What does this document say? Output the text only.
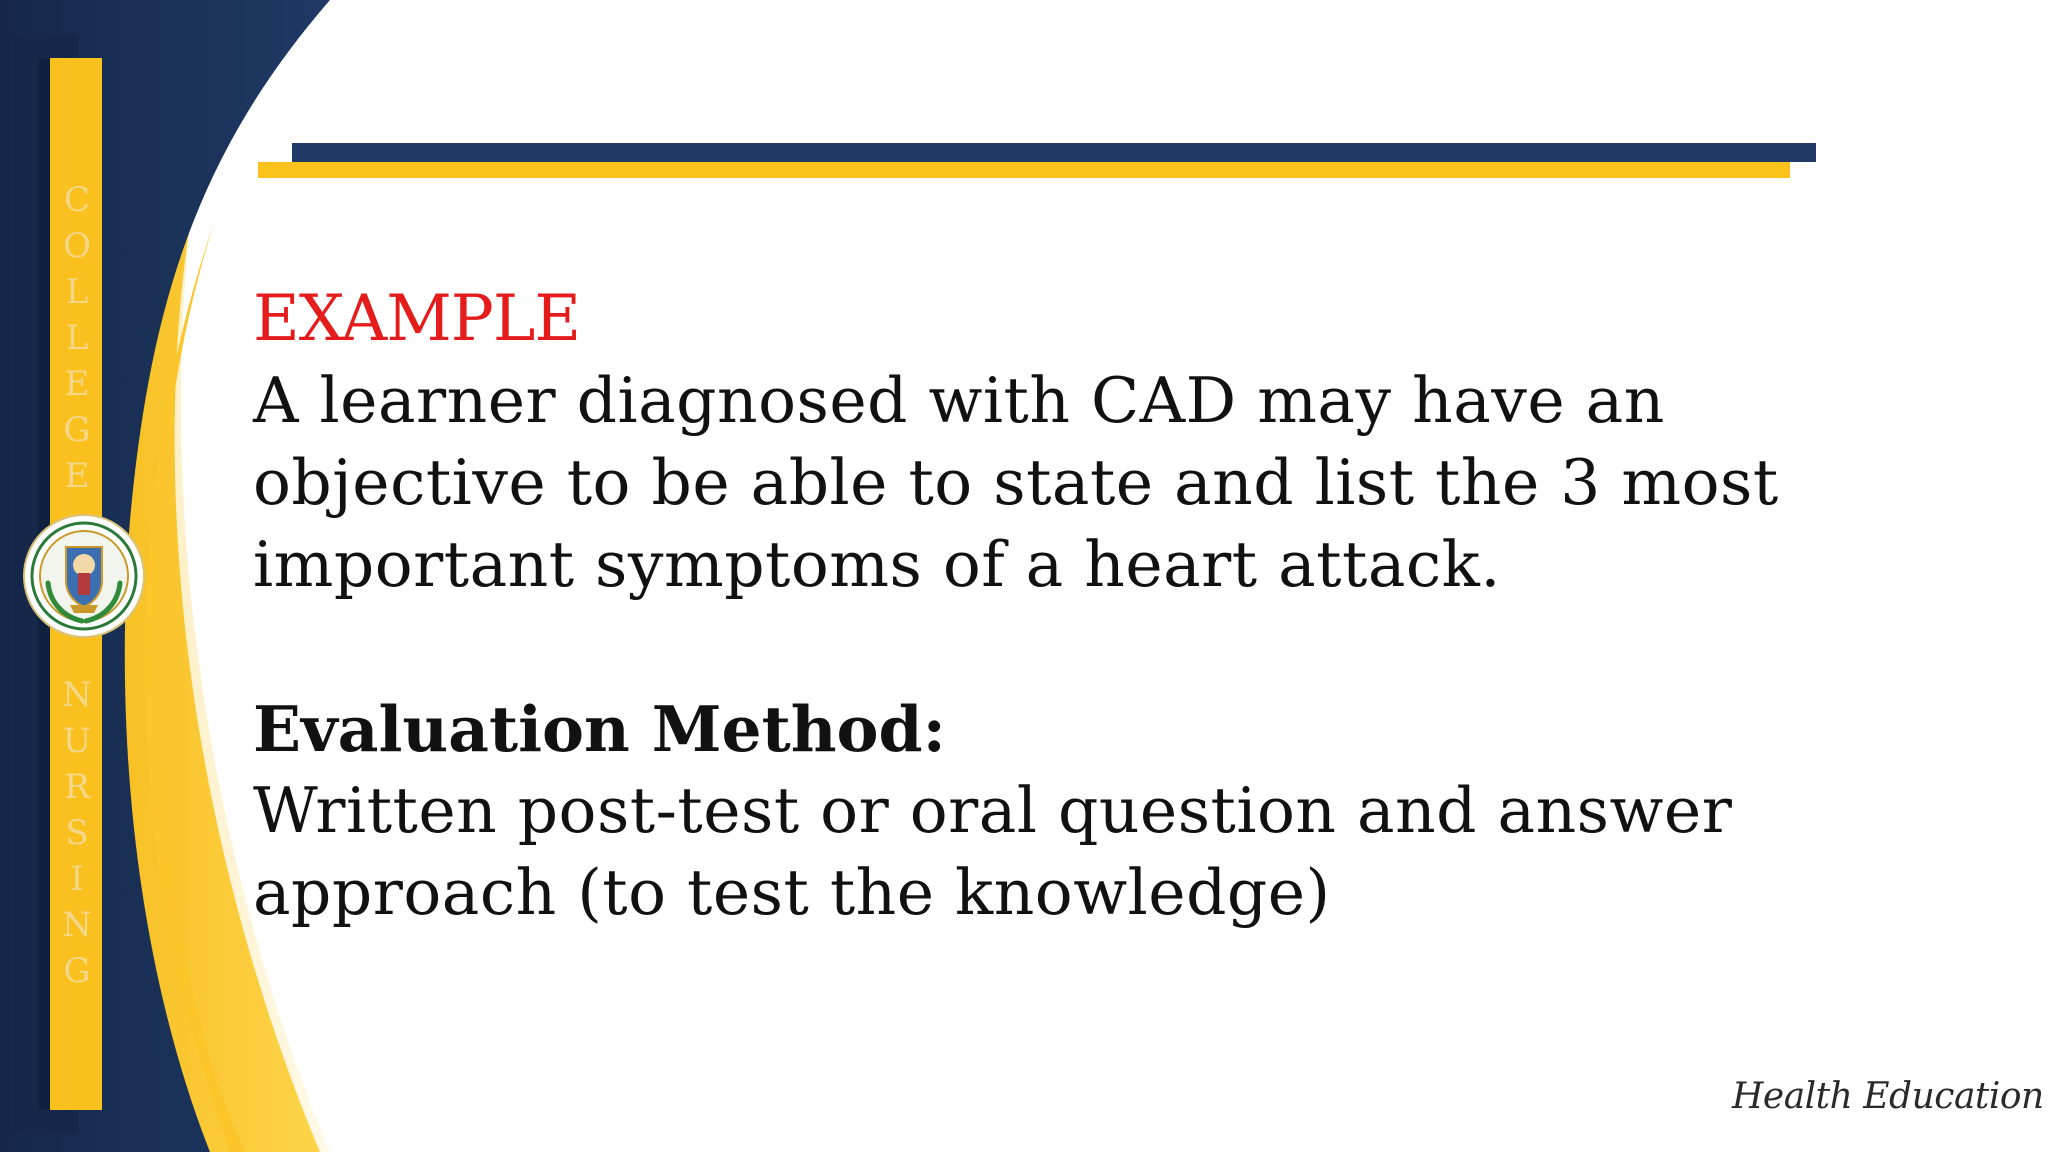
C
O
L
L
E
G
E
N
U
R
S
I
N
G
EXAMPLE
A learner diagnosed with CAD may have an objective to be able to state and list the 3 most important symptoms of a heart attack.
Evaluation Method:
Written post-test or oral question and answer approach (to test the knowledge)
Health Education
